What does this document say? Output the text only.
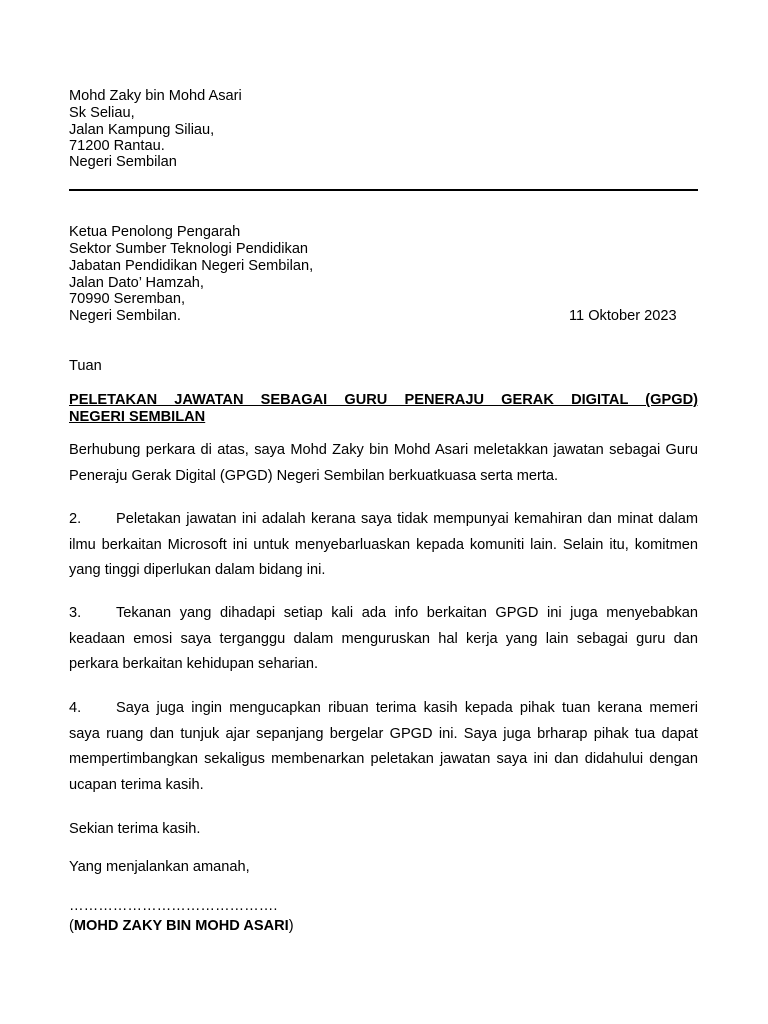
Mohd Zaky bin Mohd Asari
Sk Seliau,
Jalan Kampung Siliau,
71200 Rantau.
Negeri Sembilan
Ketua Penolong Pengarah
Sektor Sumber Teknologi Pendidikan
Jabatan Pendidikan Negeri Sembilan,
Jalan Dato’ Hamzah,
70990 Seremban,
Negeri Sembilan.	11 Oktober 2023
Tuan
PELETAKAN JAWATAN SEBAGAI GURU PENERAJU GERAK DIGITAL (GPGD)
NEGERI SEMBILAN
Berhubung perkara di atas, saya Mohd Zaky bin Mohd Asari meletakkan jawatan sebagai Guru Peneraju Gerak Digital (GPGD) Negeri Sembilan berkuatkuasa serta merta.
2. Peletakan jawatan ini adalah kerana saya tidak mempunyai kemahiran dan minat dalam ilmu berkaitan Microsoft ini untuk menyebarluaskan kepada komuniti lain. Selain itu, komitmen yang tinggi diperlukan dalam bidang ini.
3. Tekanan yang dihadapi setiap kali ada info berkaitan GPGD ini juga menyebabkan keadaan emosi saya terganggu dalam menguruskan hal kerja yang lain sebagai guru dan perkara berkaitan kehidupan seharian.
4. Saya juga ingin mengucapkan ribuan terima kasih kepada pihak tuan kerana memeri saya ruang dan tunjuk ajar sepanjang bergelar GPGD ini. Saya juga brharap pihak tua dapat mempertimbangkan sekaligus membenarkan peletakan jawatan saya ini dan didahului dengan ucapan terima kasih.
Sekian terima kasih.
Yang menjalankan amanah,
…………………………………….
(MOHD ZAKY BIN MOHD ASARI)
